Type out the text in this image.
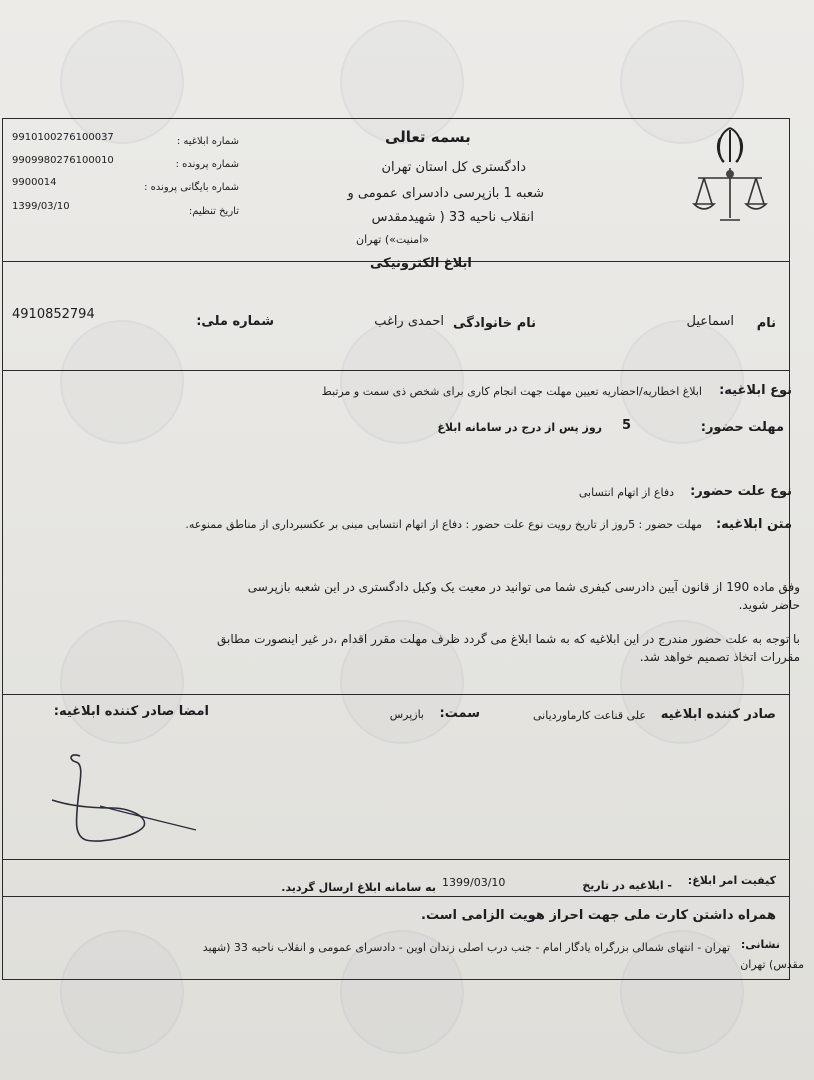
بسمه تعالی
دادگستری کل استان تهران
شعبه 1 بازپرسی دادسرای عمومی و
انقلاب ناحیه 33 ( شهیدمقدس
«امنیت») تهران
9910100276100037	شماره ابلاغیه :
9909980276100010	شماره پرونده :
9900014	شماره بایگانی پرونده :
1399/03/10	تاریخ تنظیم:
ابلاغ الکترونیکی
نام
اسماعیل
نام خانوادگی
احمدی راغب
شماره ملی:
4910852794
نوع ابلاغیه:
ابلاغ اخطاریه/احضاریه تعیین مهلت جهت انجام کاری برای شخص ذی سمت و مرتبط
مهلت حضور:
5
روز پس از درج در سامانه ابلاغ
نوع علت حضور:
دفاع از اتهام انتسابی
متن ابلاغیه:
مهلت حضور : 5روز از تاریخ رویت نوع علت حضور : دفاع از اتهام انتسابی مبنی بر عکسبرداری از مناطق ممنوعه.
وفق ماده 190 از قانون آیین دادرسی کیفری شما می توانید در معیت یک وکیل دادگستری در این شعبه بازپرسی
حاضر شوید.
با توجه به علت حضور مندرج در این ابلاغیه که به شما ابلاغ می گردد ظرف مهلت مقرر اقدام ،در غیر اینصورت مطابق
مقررات اتخاذ تصمیم خواهد شد.
صادر کننده ابلاغیه
علی قناعت کارماوردیانی
سمت:
بازپرس
امضا صادر کننده ابلاغیه:
کیفیت امر ابلاغ:
- ابلاغیه در تاریخ
1399/03/10
به سامانه ابلاغ ارسال گردید.
همراه داشتن کارت ملی جهت احراز هویت الزامی است.
نشانی:
تهران - انتهای شمالی بزرگراه یادگار امام - جنب درب اصلی زندان اوین - دادسرای عمومی و انقلاب ناحیه 33 (شهید
مقدس) تهران
